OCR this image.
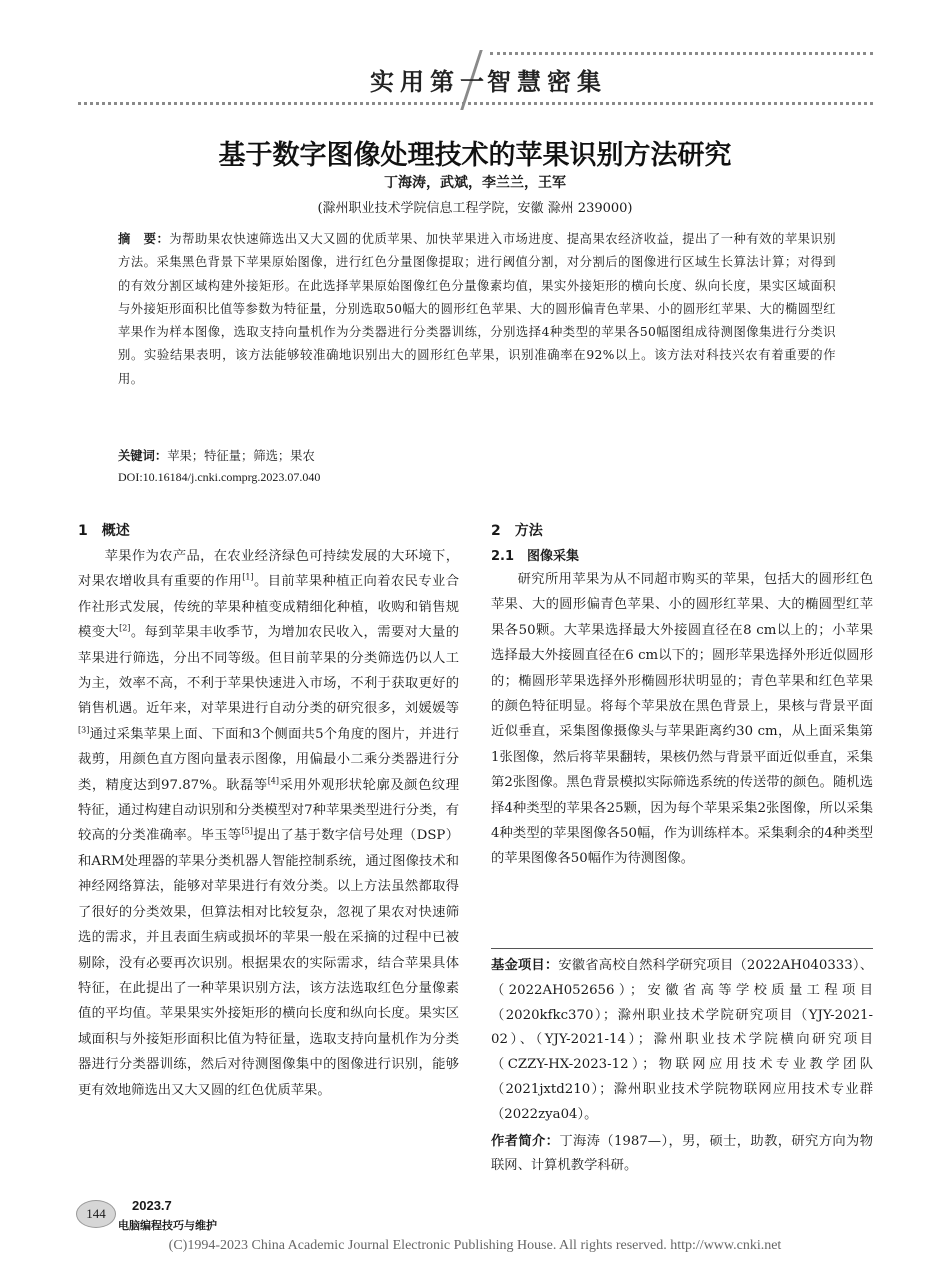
实用第一
智慧密集
基于数字图像处理技术的苹果识别方法研究
丁海涛，武斌，李兰兰，王军
(滁州职业技术学院信息工程学院，安徽 滁州 239000)
摘　要：为帮助果农快速筛选出又大又圆的优质苹果、加快苹果进入市场进度、提高果农经济收益，提出了一种有效的苹果识别方法。采集黑色背景下苹果原始图像，进行红色分量图像提取；进行阈值分割，对分割后的图像进行区域生长算法计算；对得到的有效分割区域构建外接矩形。在此选择苹果原始图像红色分量像素均值，果实外接矩形的横向长度、纵向长度，果实区域面积与外接矩形面积比值等参数为特征量，分别选取50幅大的圆形红色苹果、大的圆形偏青色苹果、小的圆形红苹果、大的椭圆型红苹果作为样本图像，选取支持向量机作为分类器进行分类器训练，分别选择4种类型的苹果各50幅图组成待测图像集进行分类识别。实验结果表明，该方法能够较准确地识别出大的圆形红色苹果，识别准确率在92%以上。该方法对科技兴农有着重要的作用。
关键词：苹果；特征量；筛选；果农
DOI:10.16184/j.cnki.comprg.2023.07.040
1　概述

苹果作为农产品，在农业经济绿色可持续发展的大环境下，对果农增收具有重要的作用[1]。目前苹果种植正向着农民专业合作社形式发展，传统的苹果种植变成精细化种植，收购和销售规模变大[2]。每到苹果丰收季节，为增加农民收入，需要对大量的苹果进行筛选，分出不同等级。但目前苹果的分类筛选仍以人工为主，效率不高，不利于苹果快速进入市场，不利于获取更好的销售机遇。近年来，对苹果进行自动分类的研究很多，刘媛媛等[3]通过采集苹果上面、下面和3个侧面共5个角度的图片，并进行裁剪，用颜色直方图向量表示图像，用偏最小二乘分类器进行分类，精度达到97.87%。耿磊等[4]采用外观形状轮廓及颜色纹理特征，通过构建自动识别和分类模型对7种苹果类型进行分类，有较高的分类准确率。毕玉等[5]提出了基于数字信号处理（DSP）和ARM处理器的苹果分类机器人智能控制系统，通过图像技术和神经网络算法，能够对苹果进行有效分类。以上方法虽然都取得了很好的分类效果，但算法相对比较复杂，忽视了果农对快速筛选的需求，并且表面生病或损坏的苹果一般在采摘的过程中已被剔除，没有必要再次识别。根据果农的实际需求，结合苹果具体特征，在此提出了一种苹果识别方法，该方法选取红色分量像素值的平均值。苹果果实外接矩形的横向长度和纵向长度。果实区域面积与外接矩形面积比值为特征量，选取支持向量机作为分类器进行分类器训练，然后对待测图像集中的图像进行识别，能够更有效地筛选出又大又圆的红色优质苹果。

2　方法
2.1　图像采集

研究所用苹果为从不同超市购买的苹果，包括大的圆形红色苹果、大的圆形偏青色苹果、小的圆形红苹果、大的椭圆型红苹果各50颗。大苹果选择最大外接圆直径在8 cm以上的；小苹果选择最大外接圆直径在6 cm以下的；圆形苹果选择外形近似圆形的；椭圆形苹果选择外形椭圆形状明显的；青色苹果和红色苹果的颜色特征明显。将每个苹果放在黑色背景上，果核与背景平面近似垂直，采集图像摄像头与苹果距离约30 cm，从上面采集第1张图像，然后将苹果翻转，果核仍然与背景平面近似垂直，采集第2张图像。黑色背景模拟实际筛选系统的传送带的颜色。随机选择4种类型的苹果各25颗，因为每个苹果采集2张图像，所以采集4种类型的苹果图像各50幅，作为训练样本。采集剩余的4种类型的苹果图像各50幅作为待测图像。

基金项目：安徽省高校自然科学研究项目（2022AH040333）、（2022AH052656）；安徽省高等学校质量工程项目（2020kfkc370）；滁州职业技术学院研究项目（YJY-2021-02）、（YJY-2021-14）；滁州职业技术学院横向研究项目（CZZY-HX-2023-12）；物联网应用技术专业教学团队（2021jxtd210）；滁州职业技术学院物联网应用技术专业群（2022zya04）。

作者简介：丁海涛（1987—），男，硕士，助教，研究方向为物联网、计算机教学科研。

144
2023.7
电脑编程技巧与维护
(C)1994-2023 China Academic Journal Electronic Publishing House. All rights reserved. http://www.cnki.net
